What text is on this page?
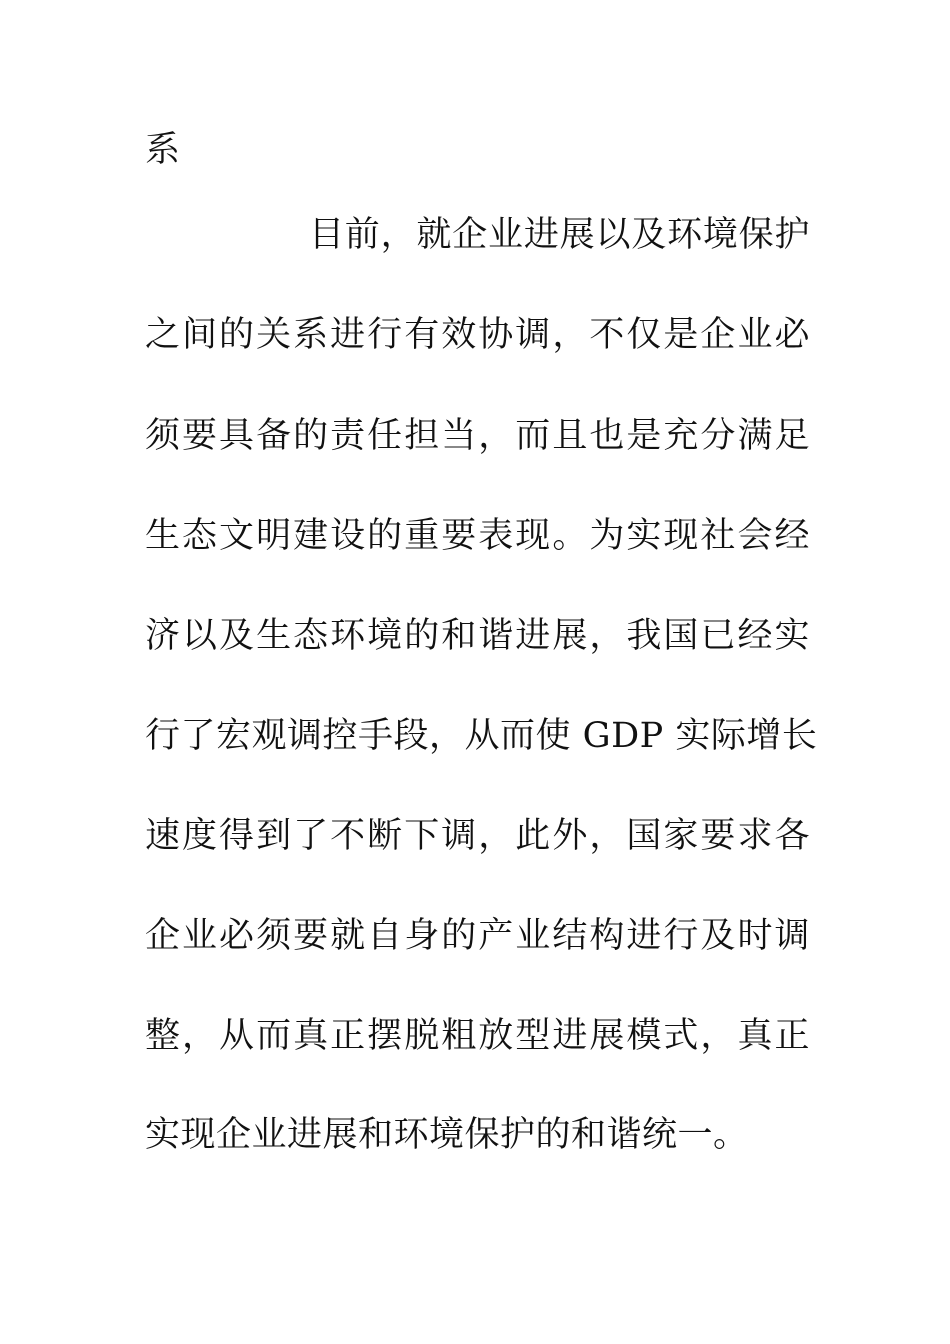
系
目前，就企业进展以及环境保护
之间的关系进行有效协调，不仅是企业必
须要具备的责任担当，而且也是充分满足
生态文明建设的重要表现。为实现社会经
济以及生态环境的和谐进展，我国已经实
行了宏观调控手段，从而使 GDP 实际增长
速度得到了不断下调，此外，国家要求各
企业必须要就自身的产业结构进行及时调
整，从而真正摆脱粗放型进展模式，真正
实现企业进展和环境保护的和谐统一。
